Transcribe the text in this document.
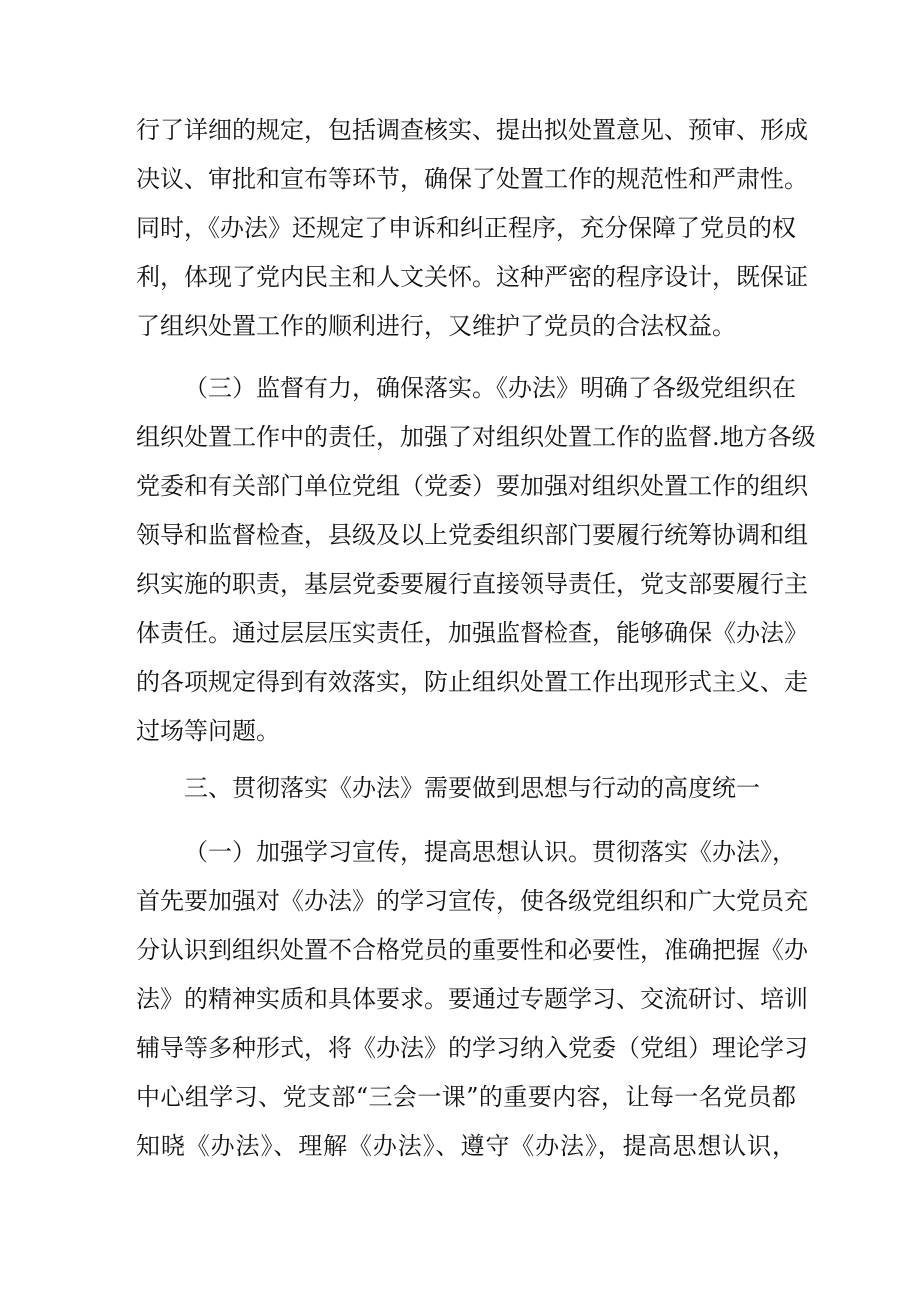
行了详细的规定，包括调查核实、提出拟处置意见、预审、形成
决议、审批和宣布等环节，确保了处置工作的规范性和严肃性。
同时，《办法》还规定了申诉和纠正程序，充分保障了党员的权
利，体现了党内民主和人文关怀。这种严密的程序设计，既保证
了组织处置工作的顺利进行，又维护了党员的合法权益。
（三）监督有力，确保落实。《办法》明确了各级党组织在
组织处置工作中的责任，加强了对组织处置工作的监督.地方各级
党委和有关部门单位党组（党委）要加强对组织处置工作的组织
领导和监督检查，县级及以上党委组织部门要履行统筹协调和组
织实施的职责，基层党委要履行直接领导责任，党支部要履行主
体责任。通过层层压实责任，加强监督检查，能够确保《办法》
的各项规定得到有效落实，防止组织处置工作出现形式主义、走
过场等问题。
三、贯彻落实《办法》需要做到思想与行动的高度统一
（一）加强学习宣传，提高思想认识。贯彻落实《办法》，
首先要加强对《办法》的学习宣传，使各级党组织和广大党员充
分认识到组织处置不合格党员的重要性和必要性，准确把握《办
法》的精神实质和具体要求。要通过专题学习、交流研讨、培训
辅导等多种形式，将《办法》的学习纳入党委（党组）理论学习
中心组学习、党支部“三会一课”的重要内容，让每一名党员都
知晓《办法》、理解《办法》、遵守《办法》，提高思想认识，
